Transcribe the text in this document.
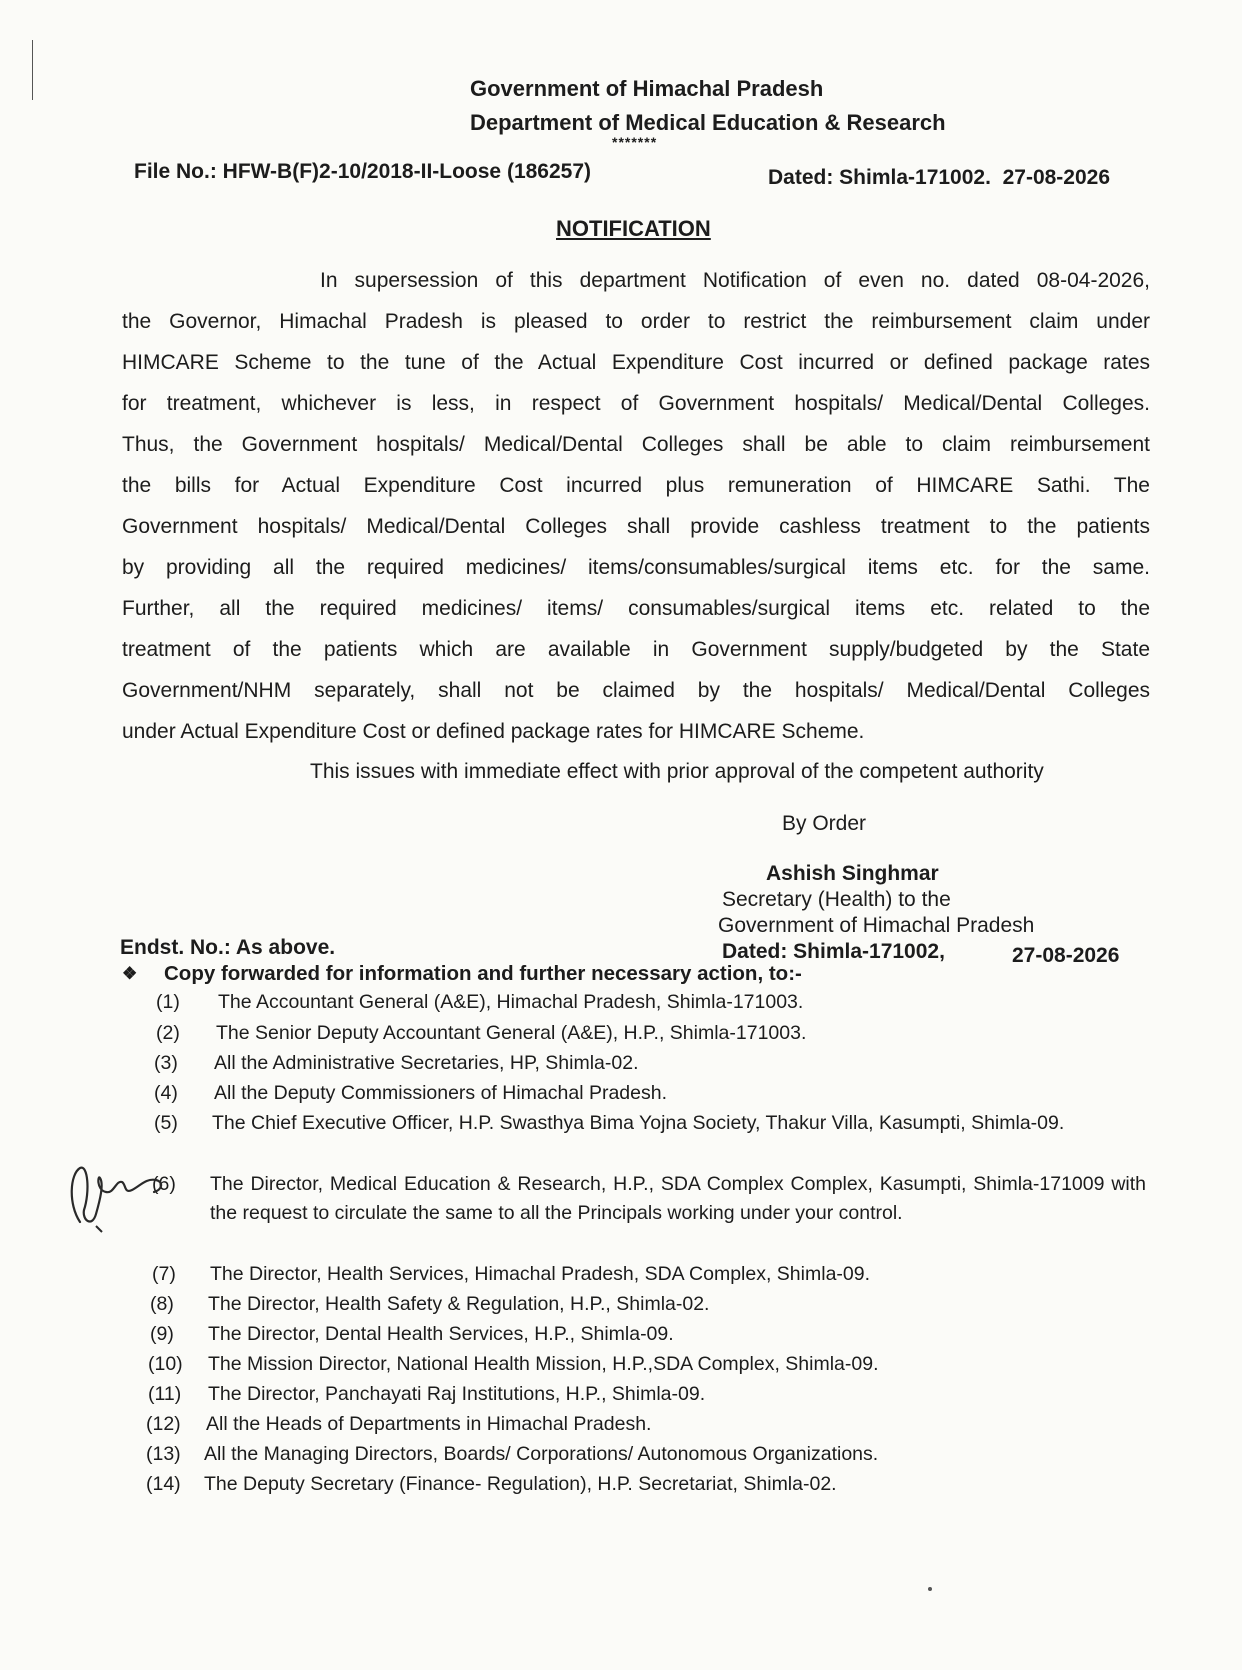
Government of Himachal Pradesh
Department of Medical Education & Research
*******
File No.: HFW-B(F)2-10/2018-II-Loose (186257)	Dated: Shimla-171002.  27-08-2026
NOTIFICATION
In supersession of this department Notification of even no. dated 08-04-2026,
the Governor, Himachal Pradesh is pleased to order to restrict the reimbursement claim under
HIMCARE Scheme to the tune of the Actual Expenditure Cost incurred or defined package rates
for treatment, whichever is less, in respect of Government hospitals/ Medical/Dental Colleges.
Thus, the Government hospitals/ Medical/Dental Colleges shall be able to claim reimbursement
the bills for Actual Expenditure Cost incurred plus remuneration of HIMCARE Sathi. The
Government hospitals/ Medical/Dental Colleges shall provide cashless treatment to the patients
by providing all the required medicines/ items/consumables/surgical items etc. for the same.
Further, all the required medicines/ items/ consumables/surgical items etc. related to the
treatment of the patients which are available in Government supply/budgeted by the State
Government/NHM separately, shall not be claimed by the hospitals/ Medical/Dental Colleges
under Actual Expenditure Cost or defined package rates for HIMCARE Scheme.
This issues with immediate effect with prior approval of the competent authority
By Order
Ashish Singhmar
Secretary (Health) to the
Government of Himachal Pradesh
Endst. No.: As above.	Dated: Shimla-171002,	27-08-2026
❖ Copy forwarded for information and further necessary action, to:-
(1)	The Accountant General (A&E), Himachal Pradesh, Shimla-171003.
(2)	The Senior Deputy Accountant General (A&E), H.P., Shimla-171003.
(3)	All the Administrative Secretaries, HP, Shimla-02.
(4)	All the Deputy Commissioners of Himachal Pradesh.
(5)	The Chief Executive Officer, H.P. Swasthya Bima Yojna Society, Thakur Villa, Kasumpti, Shimla-09.
(6)	The Director, Medical Education & Research, H.P., SDA Complex Complex, Kasumpti, Shimla-171009 with the request to circulate the same to all the Principals working under your control.
(7)	The Director, Health Services, Himachal Pradesh, SDA Complex, Shimla-09.
(8)	The Director, Health Safety & Regulation, H.P., Shimla-02.
(9)	The Director, Dental Health Services, H.P., Shimla-09.
(10)	The Mission Director, National Health Mission, H.P.,SDA Complex, Shimla-09.
(11)	The Director, Panchayati Raj Institutions, H.P., Shimla-09.
(12)	All the Heads of Departments in Himachal Pradesh.
(13)	All the Managing Directors, Boards/ Corporations/ Autonomous Organizations.
(14)	The Deputy Secretary (Finance- Regulation), H.P. Secretariat, Shimla-02.
